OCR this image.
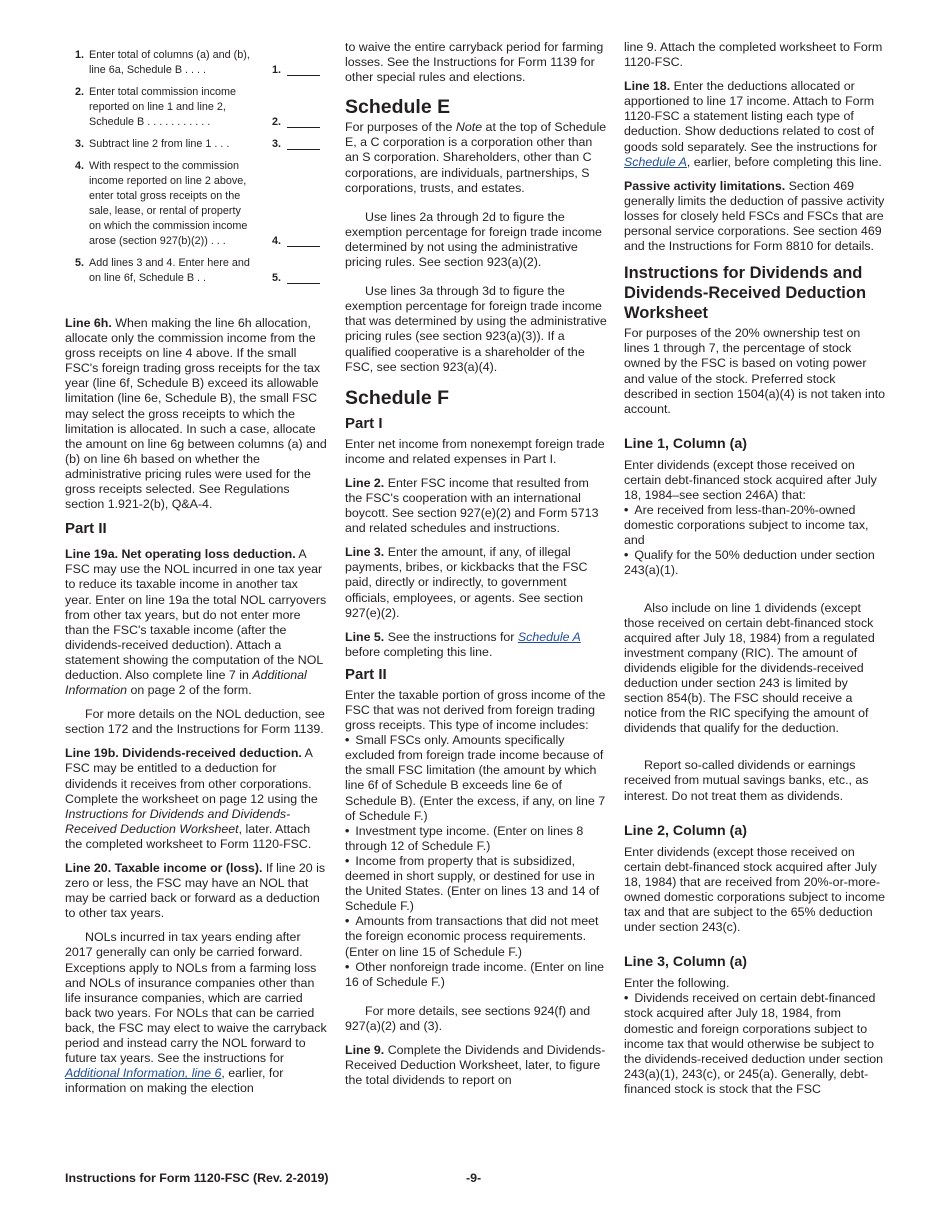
1. Enter total of columns (a) and (b), line 6a, Schedule B . . . .	1.
2. Enter total commission income reported on line 1 and line 2, Schedule B . . . . . . . . . . .	2.
3. Subtract line 2 from line 1 . . .	3.
4. With respect to the commission income reported on line 2 above, enter total gross receipts on the sale, lease, or rental of property on which the commission income arose (section 927(b)(2)) . . .	4.
5. Add lines 3 and 4. Enter here and on line 6f, Schedule B . .	5.

Line 6h. When making the line 6h allocation, allocate only the commission income from the gross receipts on line 4 above. If the small FSC's foreign trading gross receipts for the tax year (line 6f, Schedule B) exceed its allowable limitation (line 6e, Schedule B), the small FSC may select the gross receipts to which the limitation is allocated. In such a case, allocate the amount on line 6g between columns (a) and (b) on line 6h based on whether the administrative pricing rules were used for the gross receipts selected. See Regulations section 1.921-2(b), Q&A-4.

Part II

Line 19a. Net operating loss deduction. A FSC may use the NOL incurred in one tax year to reduce its taxable income in another tax year. Enter on line 19a the total NOL carryovers from other tax years, but do not enter more than the FSC's taxable income (after the dividends-received deduction). Attach a statement showing the computation of the NOL deduction. Also complete line 7 in Additional Information on page 2 of the form.

For more details on the NOL deduction, see section 172 and the Instructions for Form 1139.

Line 19b. Dividends-received deduction. A FSC may be entitled to a deduction for dividends it receives from other corporations. Complete the worksheet on page 12 using the Instructions for Dividends and Dividends-Received Deduction Worksheet, later. Attach the completed worksheet to Form 1120-FSC.

Line 20. Taxable income or (loss). If line 20 is zero or less, the FSC may have an NOL that may be carried back or forward as a deduction to other tax years.

NOLs incurred in tax years ending after 2017 generally can only be carried forward. Exceptions apply to NOLs from a farming loss and NOLs of insurance companies other than life insurance companies, which are carried back two years. For NOLs that can be carried back, the FSC may elect to waive the carryback period and instead carry the NOL forward to future tax years. See the instructions for Additional Information, line 6, earlier, for information on making the election

to waive the entire carryback period for farming losses. See the Instructions for Form 1139 for other special rules and elections.

Schedule E

For purposes of the Note at the top of Schedule E, a C corporation is a corporation other than an S corporation. Shareholders, other than C corporations, are individuals, partnerships, S corporations, trusts, and estates.

Use lines 2a through 2d to figure the exemption percentage for foreign trade income determined by not using the administrative pricing rules. See section 923(a)(2).

Use lines 3a through 3d to figure the exemption percentage for foreign trade income that was determined by using the administrative pricing rules (see section 923(a)(3)). If a qualified cooperative is a shareholder of the FSC, see section 923(a)(4).

Schedule F
Part I

Enter net income from nonexempt foreign trade income and related expenses in Part I.

Line 2. Enter FSC income that resulted from the FSC's cooperation with an international boycott. See section 927(e)(2) and Form 5713 and related schedules and instructions.

Line 3. Enter the amount, if any, of illegal payments, bribes, or kickbacks that the FSC paid, directly or indirectly, to government officials, employees, or agents. See section 927(e)(2).

Line 5. See the instructions for Schedule A before completing this line.

Part II

Enter the taxable portion of gross income of the FSC that was not derived from foreign trading gross receipts. This type of income includes:

• Small FSCs only. Amounts specifically excluded from foreign trade income because of the small FSC limitation (the amount by which line 6f of Schedule B exceeds line 6e of Schedule B). (Enter the excess, if any, on line 7 of Schedule F.)

• Investment type income. (Enter on lines 8 through 12 of Schedule F.)

• Income from property that is subsidized, deemed in short supply, or destined for use in the United States. (Enter on lines 13 and 14 of Schedule F.)

• Amounts from transactions that did not meet the foreign economic process requirements. (Enter on line 15 of Schedule F.)

• Other nonforeign trade income. (Enter on line 16 of Schedule F.)

For more details, see sections 924(f) and 927(a)(2) and (3).

Line 9. Complete the Dividends and Dividends-Received Deduction Worksheet, later, to figure the total dividends to report on

line 9. Attach the completed worksheet to Form 1120-FSC.

Line 18. Enter the deductions allocated or apportioned to line 17 income. Attach to Form 1120-FSC a statement listing each type of deduction. Show deductions related to cost of goods sold separately. See the instructions for Schedule A, earlier, before completing this line.

Passive activity limitations. Section 469 generally limits the deduction of passive activity losses for closely held FSCs and FSCs that are personal service corporations. See section 469 and the Instructions for Form 8810 for details.

Instructions for Dividends and Dividends-Received Deduction Worksheet

For purposes of the 20% ownership test on lines 1 through 7, the percentage of stock owned by the FSC is based on voting power and value of the stock. Preferred stock described in section 1504(a)(4) is not taken into account.

Line 1, Column (a)

Enter dividends (except those received on certain debt-financed stock acquired after July 18, 1984–see section 246A) that:

• Are received from less-than-20%-owned domestic corporations subject to income tax, and

• Qualify for the 50% deduction under section 243(a)(1).

Also include on line 1 dividends (except those received on certain debt-financed stock acquired after July 18, 1984) from a regulated investment company (RIC). The amount of dividends eligible for the dividends-received deduction under section 243 is limited by section 854(b). The FSC should receive a notice from the RIC specifying the amount of dividends that qualify for the deduction.

Report so-called dividends or earnings received from mutual savings banks, etc., as interest. Do not treat them as dividends.

Line 2, Column (a)

Enter dividends (except those received on certain debt-financed stock acquired after July 18, 1984) that are received from 20%-or-more-owned domestic corporations subject to income tax and that are subject to the 65% deduction under section 243(c).

Line 3, Column (a)

Enter the following.

• Dividends received on certain debt-financed stock acquired after July 18, 1984, from domestic and foreign corporations subject to income tax that would otherwise be subject to the dividends-received deduction under section 243(a)(1), 243(c), or 245(a). Generally, debt-financed stock is stock that the FSC

Instructions for Form 1120-FSC (Rev. 2-2019)	-9-
